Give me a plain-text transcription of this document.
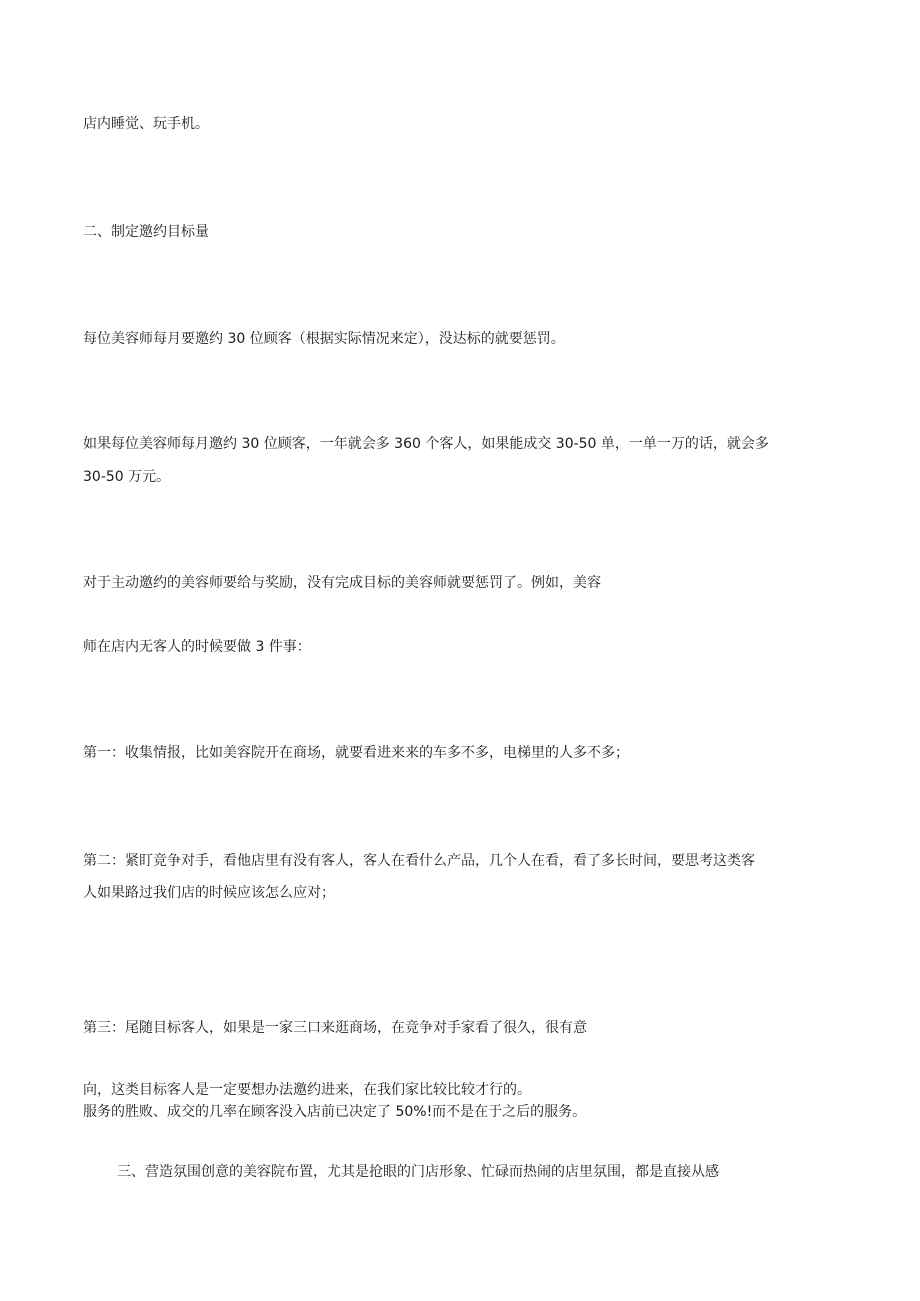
店内睡觉、玩手机。
二、制定邀约目标量
每位美容师每月要邀约 30 位顾客（根据实际情况来定），没达标的就要惩罚。
如果每位美容师每月邀约 30 位顾客，一年就会多 360 个客人，如果能成交 30-50 单，一单一万的话，就会多
30-50 万元。
对于主动邀约的美容师要给与奖励，没有完成目标的美容师就要惩罚了。例如，美容
师在店内无客人的时候要做 3 件事：
第一：收集情报，比如美容院开在商场，就要看进来来的车多不多，电梯里的人多不多；
第二：紧盯竞争对手，看他店里有没有客人，客人在看什么产品，几个人在看，看了多长时间，要思考这类客
人如果路过我们店的时候应该怎么应对；
第三：尾随目标客人，如果是一家三口来逛商场，在竞争对手家看了很久，很有意
向，这类目标客人是一定要想办法邀约进来，在我们家比较比较才行的。
服务的胜败、成交的几率在顾客没入店前已决定了 50%!而不是在于之后的服务。
三、营造氛围创意的美容院布置，尤其是抢眼的门店形象、忙碌而热闹的店里氛围，都是直接从感
